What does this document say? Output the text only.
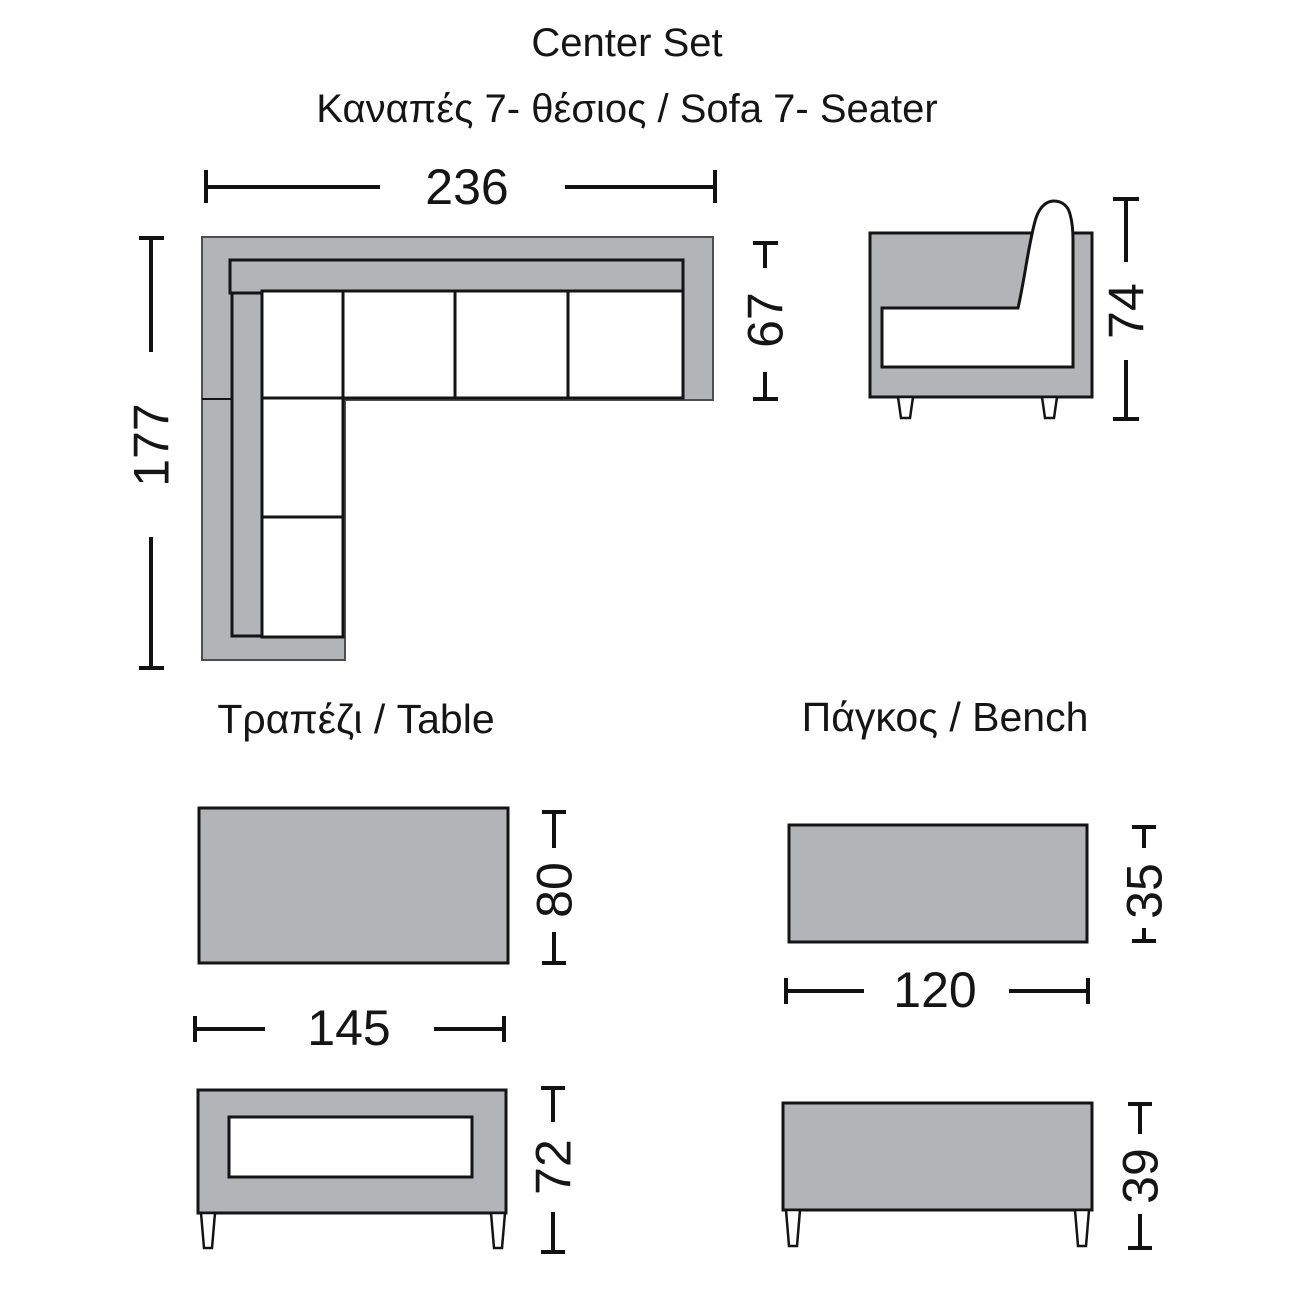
Center Set
Καναπές 7- θέσιος / Sofa 7- Seater
236
177
67	74
Τραπέζι / Table	Πάγκος / Bench
80
145
72
35
120
39
